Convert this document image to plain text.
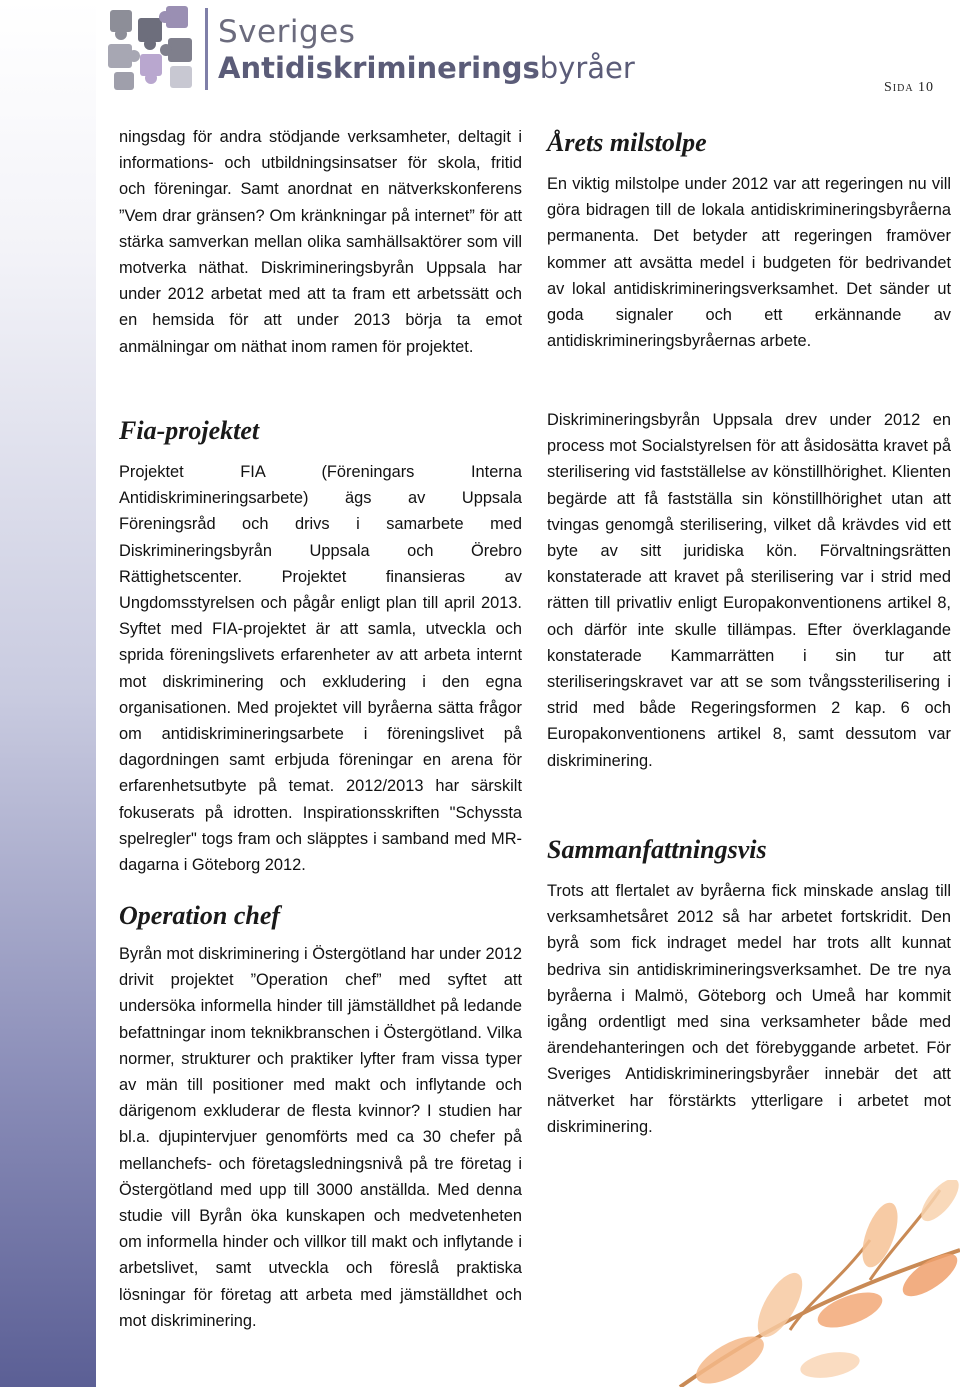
Sveriges
Antidiskrimineringsbyråer
Sida 10

ningsdag för andra stödjande verksamheter, deltagit i informations- och utbildningsinsatser för skola, fritid och föreningar. Samt anordnat en nätverkskonferens ”Vem drar gränsen? Om kränkningar på internet” för att stärka samverkan mellan olika samhällsaktörer som vill motverka näthat. Diskrimineringsbyrån Uppsala har under 2012 arbetat med att ta fram ett arbetssätt och en hemsida för att under 2013 börja ta emot anmälningar om näthat inom ramen för projektet.

Fia-projektet

Projektet FIA (Föreningars Interna Antidiskrimineringsarbete) ägs av Uppsala Föreningsråd och drivs i samarbete med Diskrimineringsbyrån Uppsala och Örebro Rättighetscenter. Projektet finansieras av Ungdomsstyrelsen och pågår enligt plan till april 2013. Syftet med FIA-projektet är att samla, utveckla och sprida föreningslivets erfarenheter av att arbeta internt mot diskriminering och exkludering i den egna organisationen. Med projektet vill byråerna sätta frågor om antidiskrimineringsarbete i föreningslivet på dagordningen samt erbjuda föreningar en arena för erfarenhetsutbyte på temat. 2012/2013 har särskilt fokuserats på idrotten. Inspirationsskriften "Schyssta spelregler" togs fram och släpptes i samband med MR-dagarna i Göteborg 2012.

Operation chef

Byrån mot diskriminering i Östergötland har under 2012 drivit projektet ”Operation chef” med syftet att undersöka informella hinder till jämställdhet på ledande befattningar inom teknikbranschen i Östergötland. Vilka normer, strukturer och praktiker lyfter fram vissa typer av män till positioner med makt och inflytande och därigenom exkluderar de flesta kvinnor? I studien har bl.a. djupintervjuer genomförts med ca 30 chefer på mellanchefs- och företagsledningsnivå på tre företag i Östergötland med upp till 3000 anställda. Med denna studie vill Byrån öka kunskapen och medvetenheten om informella hinder och villkor till makt och inflytande i arbetslivet, samt utveckla och föreslå praktiska lösningar för företag att arbeta med jämställdhet och mot diskriminering.

Årets milstolpe

En viktig milstolpe under 2012 var att regeringen nu vill göra bidragen till de lokala antidiskrimineringsbyråerna permanenta. Det betyder att regeringen framöver kommer att avsätta medel i budgeten för bedrivandet av lokal antidiskrimineringsverksamhet. Det sänder ut goda signaler och ett erkännande av antidiskrimineringsbyråernas arbete.

Diskrimineringsbyrån Uppsala drev under 2012 en process mot Socialstyrelsen för att åsidosätta kravet på sterilisering vid fastställelse av könstillhörighet. Klienten begärde att få fastställa sin könstillhörighet utan att tvingas genomgå sterilisering, vilket då krävdes vid ett byte av sitt juridiska kön. Förvaltningsrätten konstaterade att kravet på sterilisering var i strid med rätten till privatliv enligt Europakonventionens artikel 8, och därför inte skulle tillämpas. Efter överklagande konstaterade Kammarrätten i sin tur att steriliseringskravet var att se som tvångssterilisering i strid med både Regeringsformen 2 kap. 6 och Europakonventionens artikel 8, samt dessutom var diskriminering.

Sammanfattningsvis

Trots att flertalet av byråerna fick minskade anslag till verksamhetsåret 2012 så har arbetet fortskridit. Den byrå som fick indraget medel har trots allt kunnat bedriva sin antidiskrimineringsverksamhet. De tre nya byråerna i Malmö, Göteborg och Umeå har kommit igång ordentligt med sina verksamheter både med ärendehanteringen och det förebyggande arbetet. För Sveriges Antidiskrimineringsbyråer innebär det att nätverket har förstärkts ytterligare i arbetet mot diskriminering.
